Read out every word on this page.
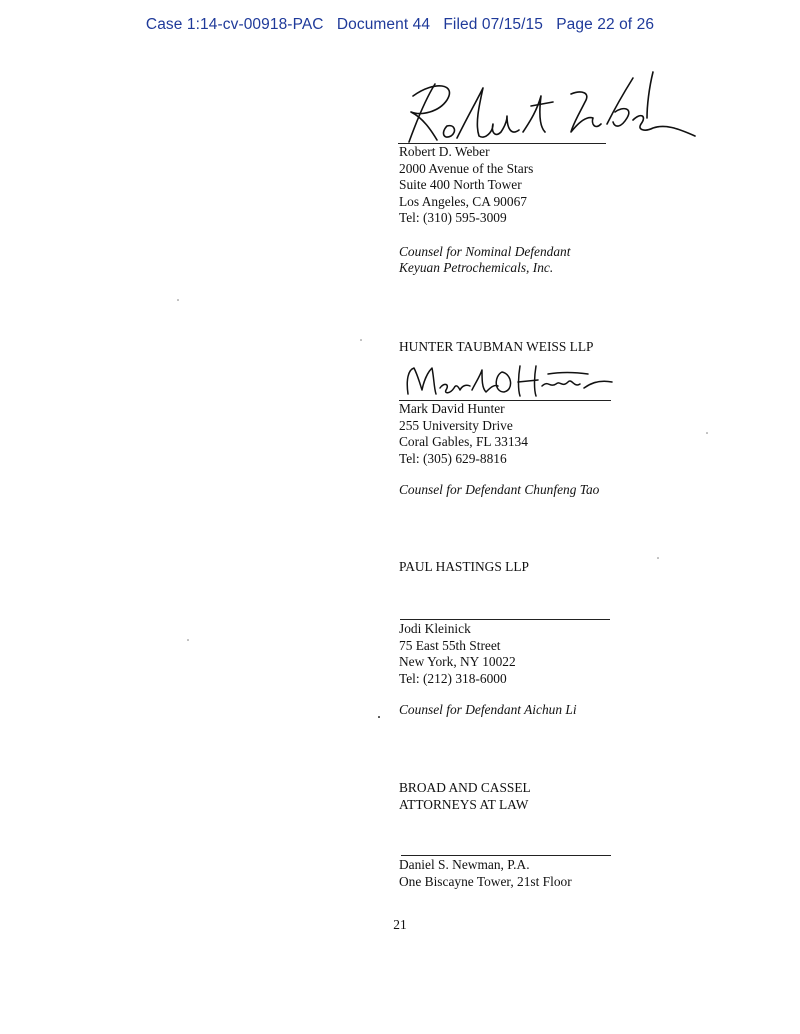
Case 1:14-cv-00918-PAC Document 44 Filed 07/15/15 Page 22 of 26
Robert D. Weber
2000 Avenue of the Stars
Suite 400 North Tower
Los Angeles, CA 90067
Tel: (310) 595-3009
Counsel for Nominal Defendant
Keyuan Petrochemicals, Inc.
HUNTER TAUBMAN WEISS LLP
Mark David Hunter
255 University Drive
Coral Gables, FL 33134
Tel: (305) 629-8816
Counsel for Defendant Chunfeng Tao
PAUL HASTINGS LLP
Jodi Kleinick
75 East 55th Street
New York, NY 10022
Tel: (212) 318-6000
Counsel for Defendant Aichun Li
BROAD AND CASSEL
ATTORNEYS AT LAW
Daniel S. Newman, P.A.
One Biscayne Tower, 21st Floor
21
